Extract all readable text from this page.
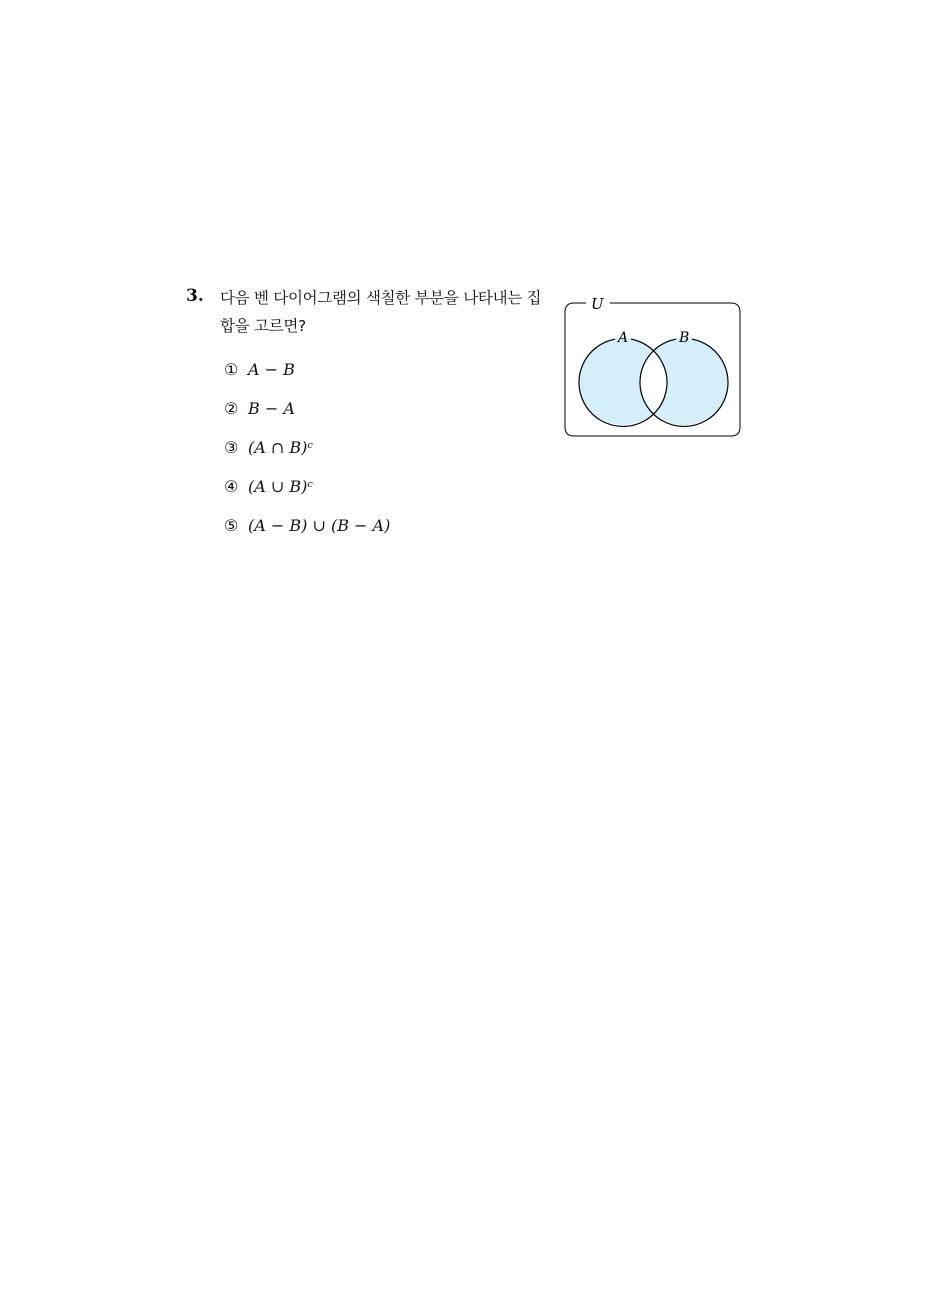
3. 다음 벤 다이어그램의 색칠한 부분을 나타내는 집합을 고르면?
① A − B
② B − A
③ (A ∩ B)ᶜ
④ (A ∪ B)ᶜ
⑤ (A − B) ∪ (B − A)
U
A	B
